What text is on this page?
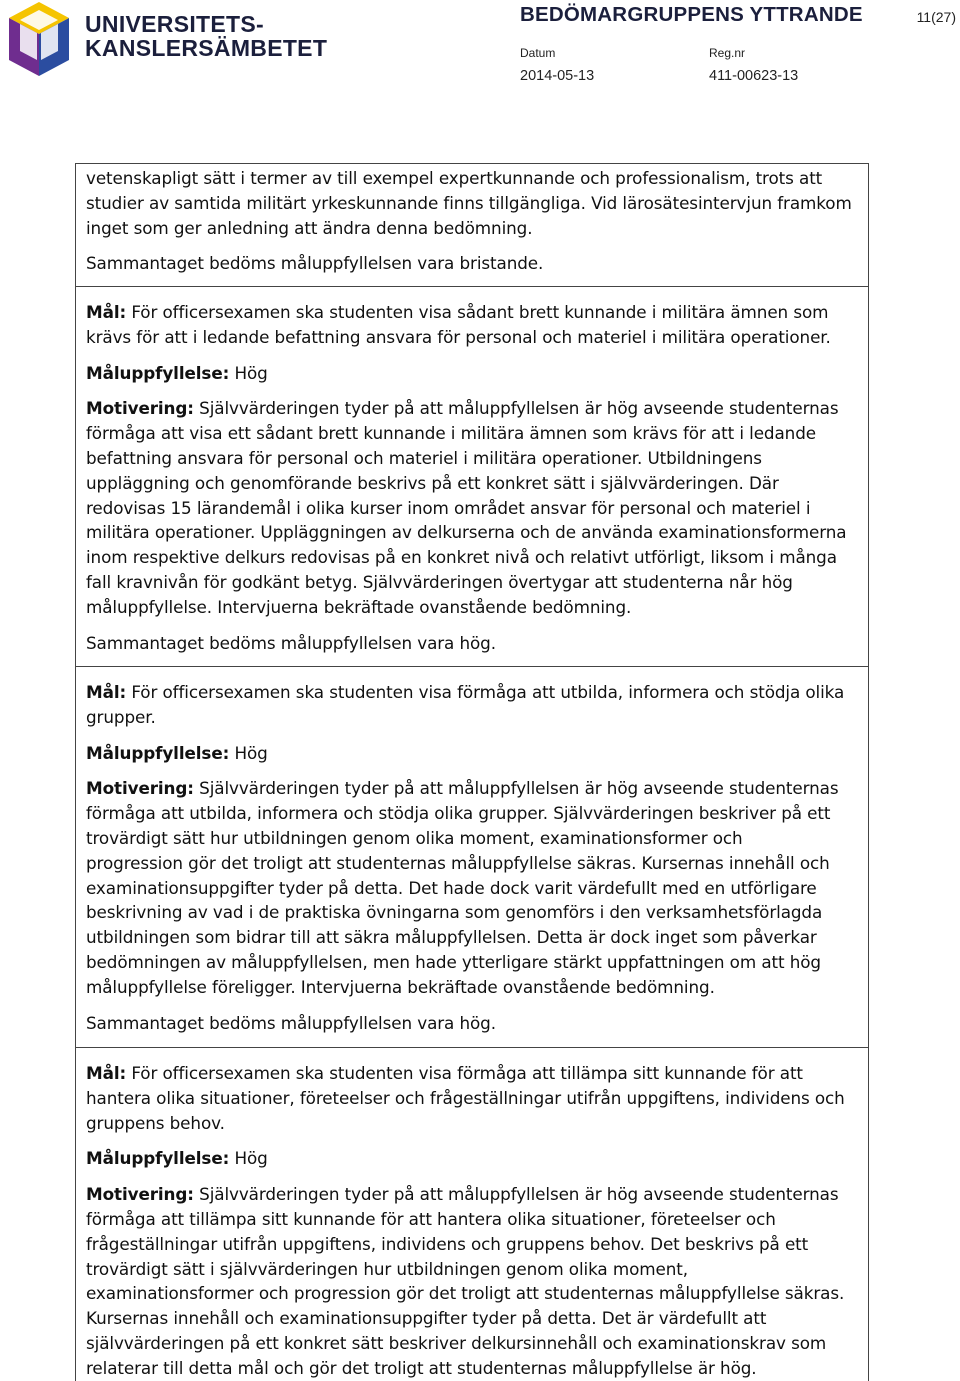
UNIVERSITETS-
KANSLERSÄMBETET
BEDÖMARGRUPPENS YTTRANDE	11(27)
Datum	Reg.nr
2014-05-13	411-00623-13

vetenskapligt sätt i termer av till exempel expertkunnande och professionalism, trots att

studier av samtida militärt yrkeskunnande finns tillgängliga. Vid lärosätesintervjun framkom

inget som ger anledning att ändra denna bedömning.

Sammantaget bedöms måluppfyllelsen vara bristande.

Mål: För officersexamen ska studenten visa sådant brett kunnande i militära ämnen som

krävs för att i ledande befattning ansvara för personal och materiel i militära operationer.

Måluppfyllelse: Hög

Motivering: Självvärderingen tyder på att måluppfyllelsen är hög avseende studenternas

förmåga att visa ett sådant brett kunnande i militära ämnen som krävs för att i ledande

befattning ansvara för personal och materiel i militära operationer. Utbildningens

uppläggning och genomförande beskrivs på ett konkret sätt i självvärderingen. Där

redovisas 15 lärandemål i olika kurser inom området ansvar för personal och materiel i

militära operationer. Uppläggningen av delkurserna och de använda examinationsformerna

inom respektive delkurs redovisas på en konkret nivå och relativt utförligt, liksom i många

fall kravnivån för godkänt betyg. Självvärderingen övertygar att studenterna når hög

måluppfyllelse. Intervjuerna bekräftade ovanstående bedömning.

Sammantaget bedöms måluppfyllelsen vara hög.

Mål: För officersexamen ska studenten visa förmåga att utbilda, informera och stödja olika

grupper.

Måluppfyllelse: Hög

Motivering: Självvärderingen tyder på att måluppfyllelsen är hög avseende studenternas

förmåga att utbilda, informera och stödja olika grupper. Självvärderingen beskriver på ett

trovärdigt sätt hur utbildningen genom olika moment, examinationsformer och

progression gör det troligt att studenternas måluppfyllelse säkras. Kursernas innehåll och

examinationsuppgifter tyder på detta. Det hade dock varit värdefullt med en utförligare

beskrivning av vad i de praktiska övningarna som genomförs i den verksamhetsförlagda

utbildningen som bidrar till att säkra måluppfyllelsen. Detta är dock inget som påverkar

bedömningen av måluppfyllelsen, men hade ytterligare stärkt uppfattningen om att hög

måluppfyllelse föreligger. Intervjuerna bekräftade ovanstående bedömning.

Sammantaget bedöms måluppfyllelsen vara hög.

Mål: För officersexamen ska studenten visa förmåga att tillämpa sitt kunnande för att

hantera olika situationer, företeelser och frågeställningar utifrån uppgiftens, individens och

gruppens behov.

Måluppfyllelse: Hög

Motivering: Självvärderingen tyder på att måluppfyllelsen är hög avseende studenternas

förmåga att tillämpa sitt kunnande för att hantera olika situationer, företeelser och

frågeställningar utifrån uppgiftens, individens och gruppens behov. Det beskrivs på ett

trovärdigt sätt i självvärderingen hur utbildningen genom olika moment,

examinationsformer och progression gör det troligt att studenternas måluppfyllelse säkras.

Kursernas innehåll och examinationsuppgifter tyder på detta. Det är värdefullt att

självvärderingen på ett konkret sätt beskriver delkursinnehåll och examinationskrav som

relaterar till detta mål och gör det troligt att studenternas måluppfyllelse är hög.
